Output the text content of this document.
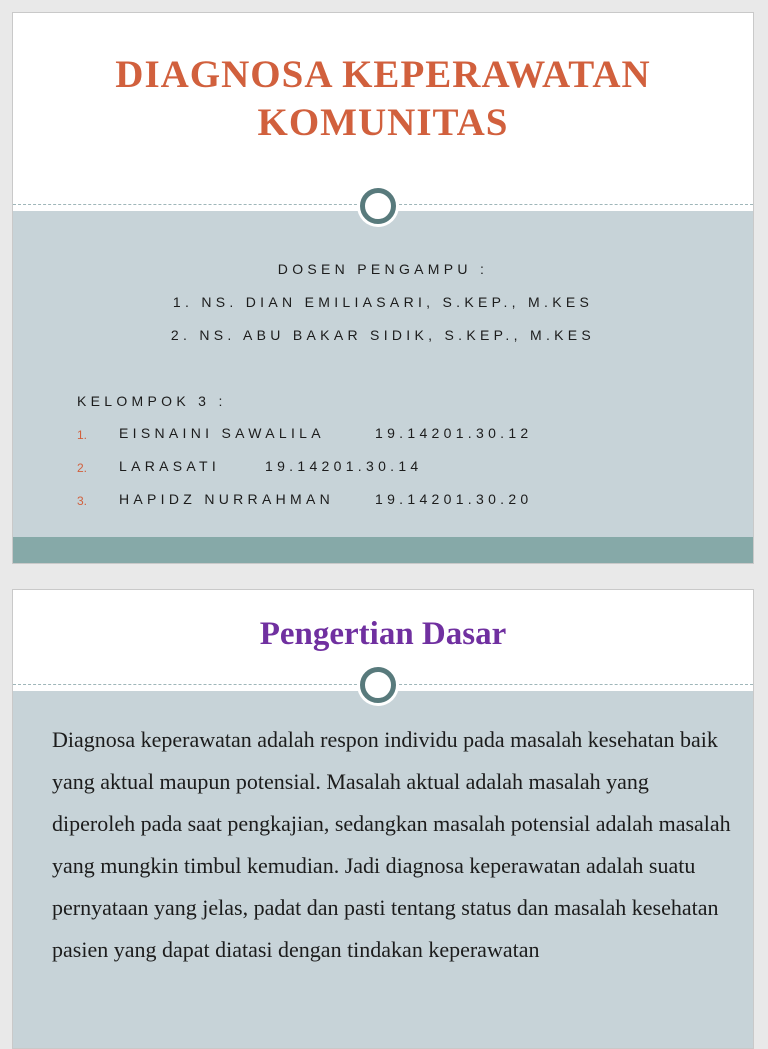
DIAGNOSA KEPERAWATAN KOMUNITAS
DOSEN PENGAMPU :
1. NS. DIAN EMILIASARI, S.KEP., M.KES
2. NS. ABU BAKAR SIDIK, S.KEP., M.KES
KELOMPOK 3 :
1. EISNAINI SAWALILA	19.14201.30.12
2. LARASATI	19.14201.30.14
3. HAPIDZ NURRAHMAN	19.14201.30.20
Pengertian Dasar

Diagnosa keperawatan adalah respon individu pada masalah kesehatan baik yang aktual maupun potensial. Masalah aktual adalah masalah yang diperoleh pada saat pengkajian, sedangkan masalah potensial adalah masalah yang mungkin timbul kemudian. Jadi diagnosa keperawatan adalah suatu pernyataan yang jelas, padat dan pasti tentang status dan masalah kesehatan pasien yang dapat diatasi dengan tindakan keperawatan
